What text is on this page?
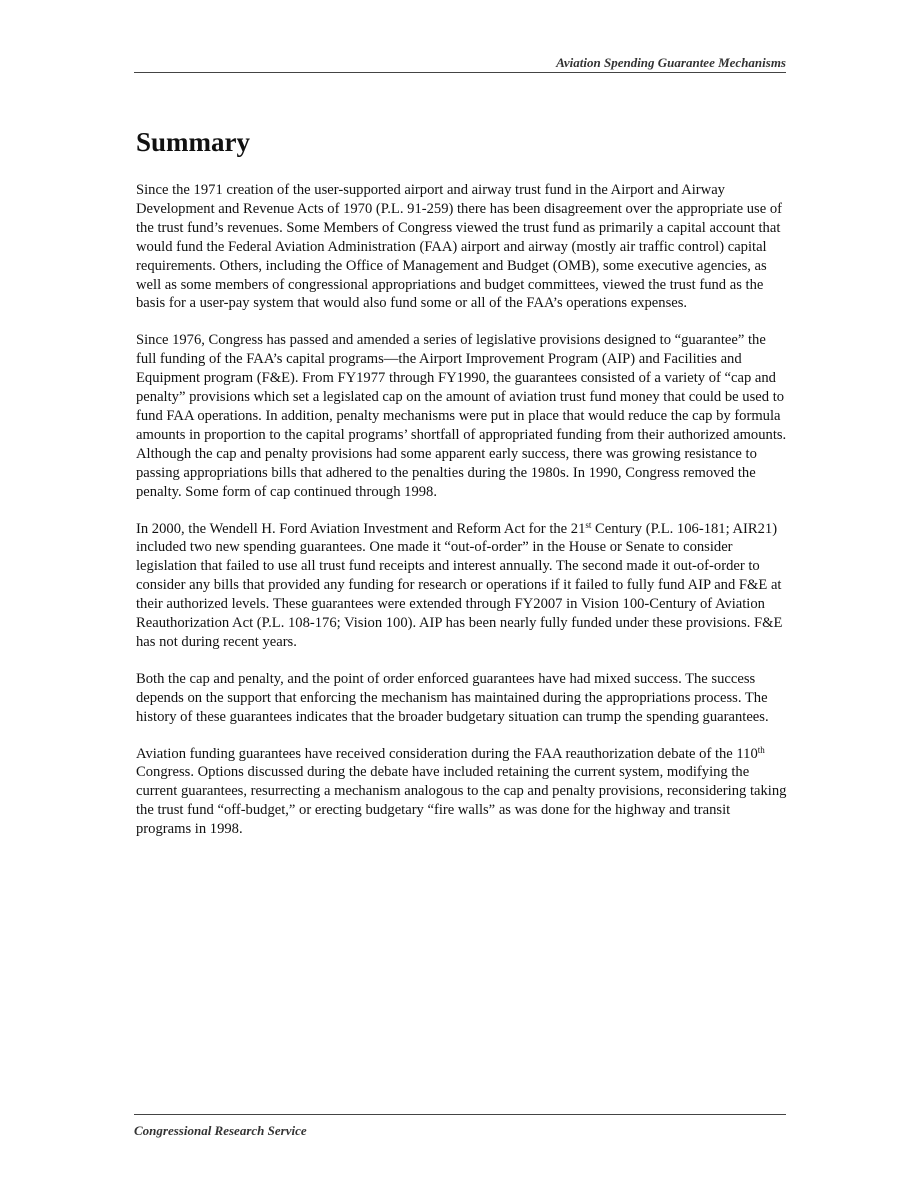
Aviation Spending Guarantee Mechanisms
Summary

Since the 1971 creation of the user-supported airport and airway trust fund in the Airport and Airway Development and Revenue Acts of 1970 (P.L. 91-259) there has been disagreement over the appropriate use of the trust fund’s revenues. Some Members of Congress viewed the trust fund as primarily a capital account that would fund the Federal Aviation Administration (FAA) airport and airway (mostly air traffic control) capital requirements. Others, including the Office of Management and Budget (OMB), some executive agencies, as well as some members of congressional appropriations and budget committees, viewed the trust fund as the basis for a user-pay system that would also fund some or all of the FAA’s operations expenses.

Since 1976, Congress has passed and amended a series of legislative provisions designed to “guarantee” the full funding of the FAA’s capital programs—the Airport Improvement Program (AIP) and Facilities and Equipment program (F&E). From FY1977 through FY1990, the guarantees consisted of a variety of “cap and penalty” provisions which set a legislated cap on the amount of aviation trust fund money that could be used to fund FAA operations. In addition, penalty mechanisms were put in place that would reduce the cap by formula amounts in proportion to the capital programs’ shortfall of appropriated funding from their authorized amounts. Although the cap and penalty provisions had some apparent early success, there was growing resistance to passing appropriations bills that adhered to the penalties during the 1980s. In 1990, Congress removed the penalty. Some form of cap continued through 1998.

In 2000, the Wendell H. Ford Aviation Investment and Reform Act for the 21st Century (P.L. 106-181; AIR21) included two new spending guarantees. One made it “out-of-order” in the House or Senate to consider legislation that failed to use all trust fund receipts and interest annually. The second made it out-of-order to consider any bills that provided any funding for research or operations if it failed to fully fund AIP and F&E at their authorized levels. These guarantees were extended through FY2007 in Vision 100-Century of Aviation Reauthorization Act (P.L. 108-176; Vision 100). AIP has been nearly fully funded under these provisions. F&E has not during recent years.

Both the cap and penalty, and the point of order enforced guarantees have had mixed success. The success depends on the support that enforcing the mechanism has maintained during the appropriations process. The history of these guarantees indicates that the broader budgetary situation can trump the spending guarantees.

Aviation funding guarantees have received consideration during the FAA reauthorization debate of the 110th Congress. Options discussed during the debate have included retaining the current system, modifying the current guarantees, resurrecting a mechanism analogous to the cap and penalty provisions, reconsidering taking the trust fund “off-budget,” or erecting budgetary “fire walls” as was done for the highway and transit programs in 1998.

Congressional Research Service
